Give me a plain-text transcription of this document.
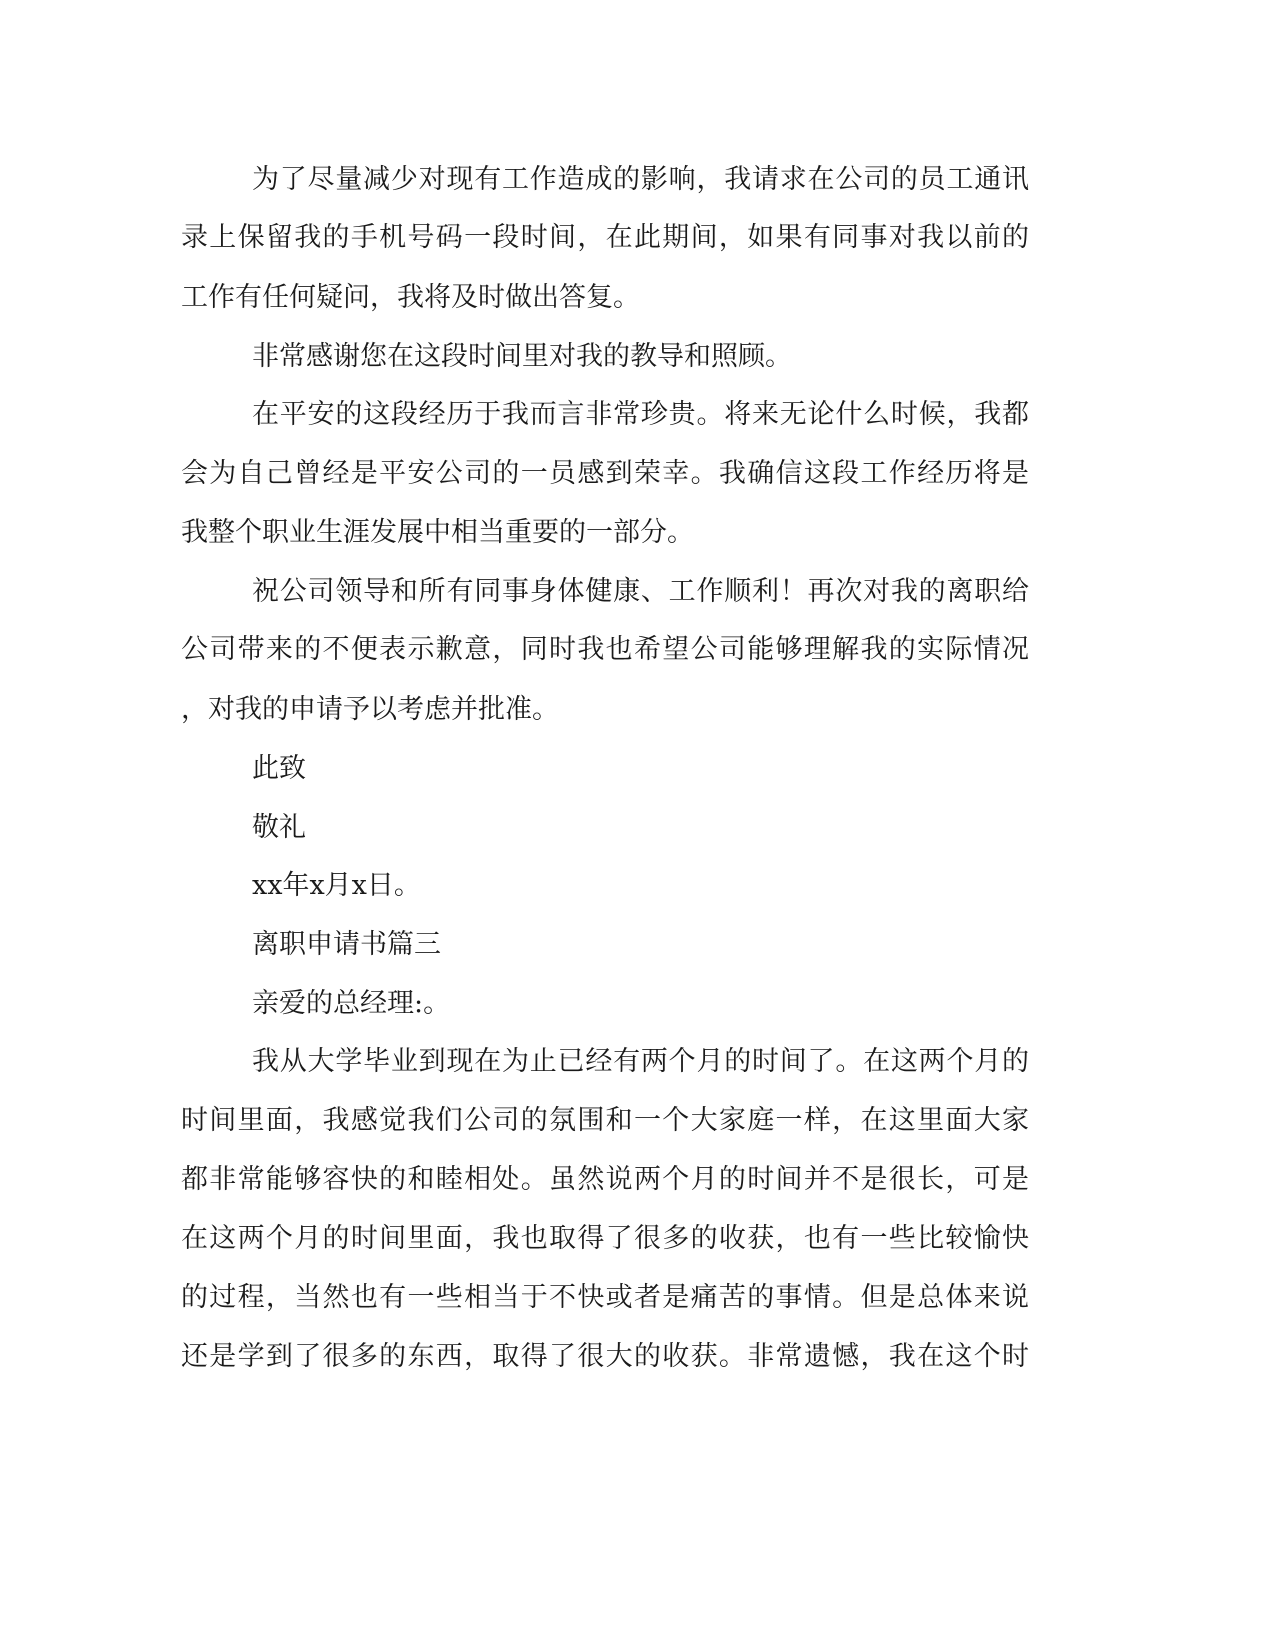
为了尽量减少对现有工作造成的影响，我请求在公司的员工通讯

录上保留我的手机号码一段时间，在此期间，如果有同事对我以前的

工作有任何疑问，我将及时做出答复。

非常感谢您在这段时间里对我的教导和照顾。

在平安的这段经历于我而言非常珍贵。将来无论什么时候，我都

会为自己曾经是平安公司的一员感到荣幸。我确信这段工作经历将是

我整个职业生涯发展中相当重要的一部分。

祝公司领导和所有同事身体健康、工作顺利！再次对我的离职给

公司带来的不便表示歉意，同时我也希望公司能够理解我的实际情况

，对我的申请予以考虑并批准。

此致

敬礼

xx年x月x日。

离职申请书篇三

亲爱的总经理:。

我从大学毕业到现在为止已经有两个月的时间了。在这两个月的

时间里面，我感觉我们公司的氛围和一个大家庭一样，在这里面大家

都非常能够容快的和睦相处。虽然说两个月的时间并不是很长，可是

在这两个月的时间里面，我也取得了很多的收获，也有一些比较愉快

的过程，当然也有一些相当于不快或者是痛苦的事情。但是总体来说

还是学到了很多的东西，取得了很大的收获。非常遗憾，我在这个时
